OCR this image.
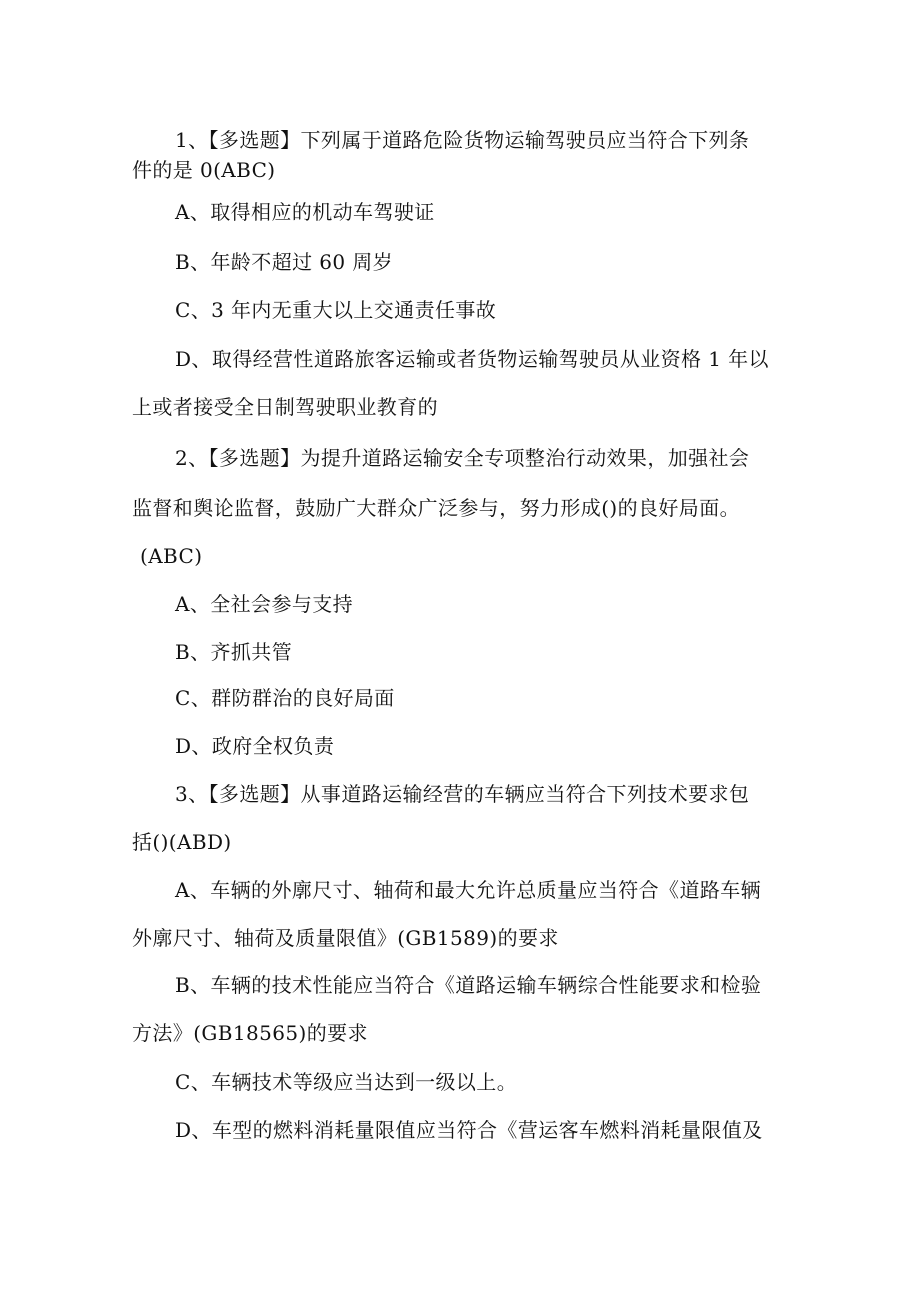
1、【多选题】下列属于道路危险货物运输驾驶员应当符合下列条
件的是 0(ABC)
A、取得相应的机动车驾驶证
B、年龄不超过 60 周岁
C、3 年内无重大以上交通责任事故
D、取得经营性道路旅客运输或者货物运输驾驶员从业资格 1 年以
上或者接受全日制驾驶职业教育的
2、【多选题】为提升道路运输安全专项整治行动效果，加强社会
监督和舆论监督，鼓励广大群众广泛参与，努力形成()的良好局面。
(ABC)
A、全社会参与支持
B、齐抓共管
C、群防群治的良好局面
D、政府全权负责
3、【多选题】从事道路运输经营的车辆应当符合下列技术要求包
括()(ABD)
A、车辆的外廓尺寸、轴荷和最大允许总质量应当符合《道路车辆
外廓尺寸、轴荷及质量限值》(GB1589)的要求
B、车辆的技术性能应当符合《道路运输车辆综合性能要求和检验
方法》(GB18565)的要求
C、车辆技术等级应当达到一级以上。
D、车型的燃料消耗量限值应当符合《营运客车燃料消耗量限值及
